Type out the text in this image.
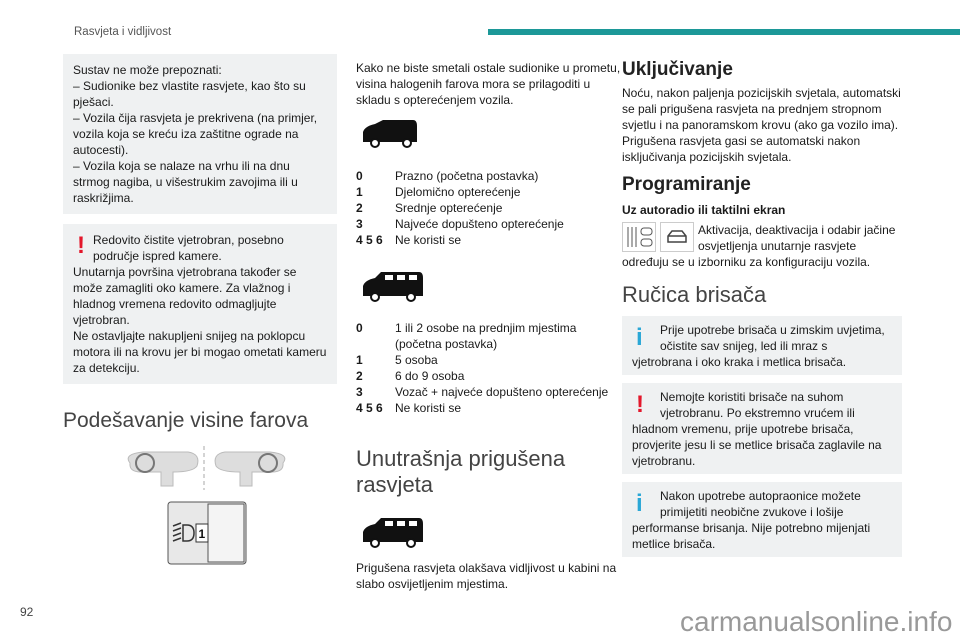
Rasvjeta i vidljivost
Sustav ne može prepoznati:
– Sudionike bez vlastite rasvjete, kao što su pješaci.
– Vozila čija rasvjeta je prekrivena (na primjer, vozila koja se kreću iza zaštitne ograde na autocesti).
– Vozila koja se nalaze na vrhu ili na dnu strmog nagiba, u višestrukim zavojima ili u raskrižjima.
! Redovito čistite vjetrobran, posebno područje ispred kamere.
Unutarnja površina vjetrobrana također se može zamagliti oko kamere. Za vlažnog i hladnog vremena redovito odmagljujte vjetrobran.
Ne ostavljajte nakupljeni snijeg na poklopcu motora ili na krovu jer bi mogao ometati kameru za detekciju.
Podešavanje visine farova
1

Kako ne biste smetali ostale sudionike u prometu, visina halogenih farova mora se prilagoditi u skladu s opterećenjem vozila.

0	Prazno (početna postavka)
1	Djelomično opterećenje
2	Srednje opterećenje
3	Najveće dopušteno opterećenje
4 5 6	Ne koristi se
0	1 ili 2 osobe na prednjim mjestima (početna postavka)
1	5 osoba
2	6 do 9 osoba
3	Vozač + najveće dopušteno opterećenje
4 5 6	Ne koristi se
Unutrašnja prigušena rasvjeta

Prigušena rasvjeta olakšava vidljivost u kabini na slabo osvijetljenim mjestima.

Uključivanje

Noću, nakon paljenja pozicijskih svjetala, automatski se pali prigušena rasvjeta na prednjem stropnom svjetlu i na panoramskom krovu (ako ga vozilo ima).

Prigušena rasvjeta gasi se automatski nakon isključivanja pozicijskih svjetala.

Programiranje
Uz autoradio ili taktilni ekran
Aktivacija, deaktivacija i odabir jačine osvjetljenja unutarnje rasvjete određuju se u izborniku za konfiguraciju vozila.
Ručica brisača
i	Prije upotrebe brisača u zimskim uvjetima, očistite sav snijeg, led ili mraz s
vjetrobrana i oko kraka i metlica brisača.
!	Nemojte koristiti brisače na suhom vjetrobranu. Po ekstremno vrućem ili
hladnom vremenu, prije upotrebe brisača, provjerite jesu li se metlice brisača zaglavile na vjetrobranu.
i	Nakon upotrebe autopraonice možete primijetiti neobične zvukove i lošije
performanse brisanja. Nije potrebno mijenjati metlice brisača.
92	carmanualsonline.info
